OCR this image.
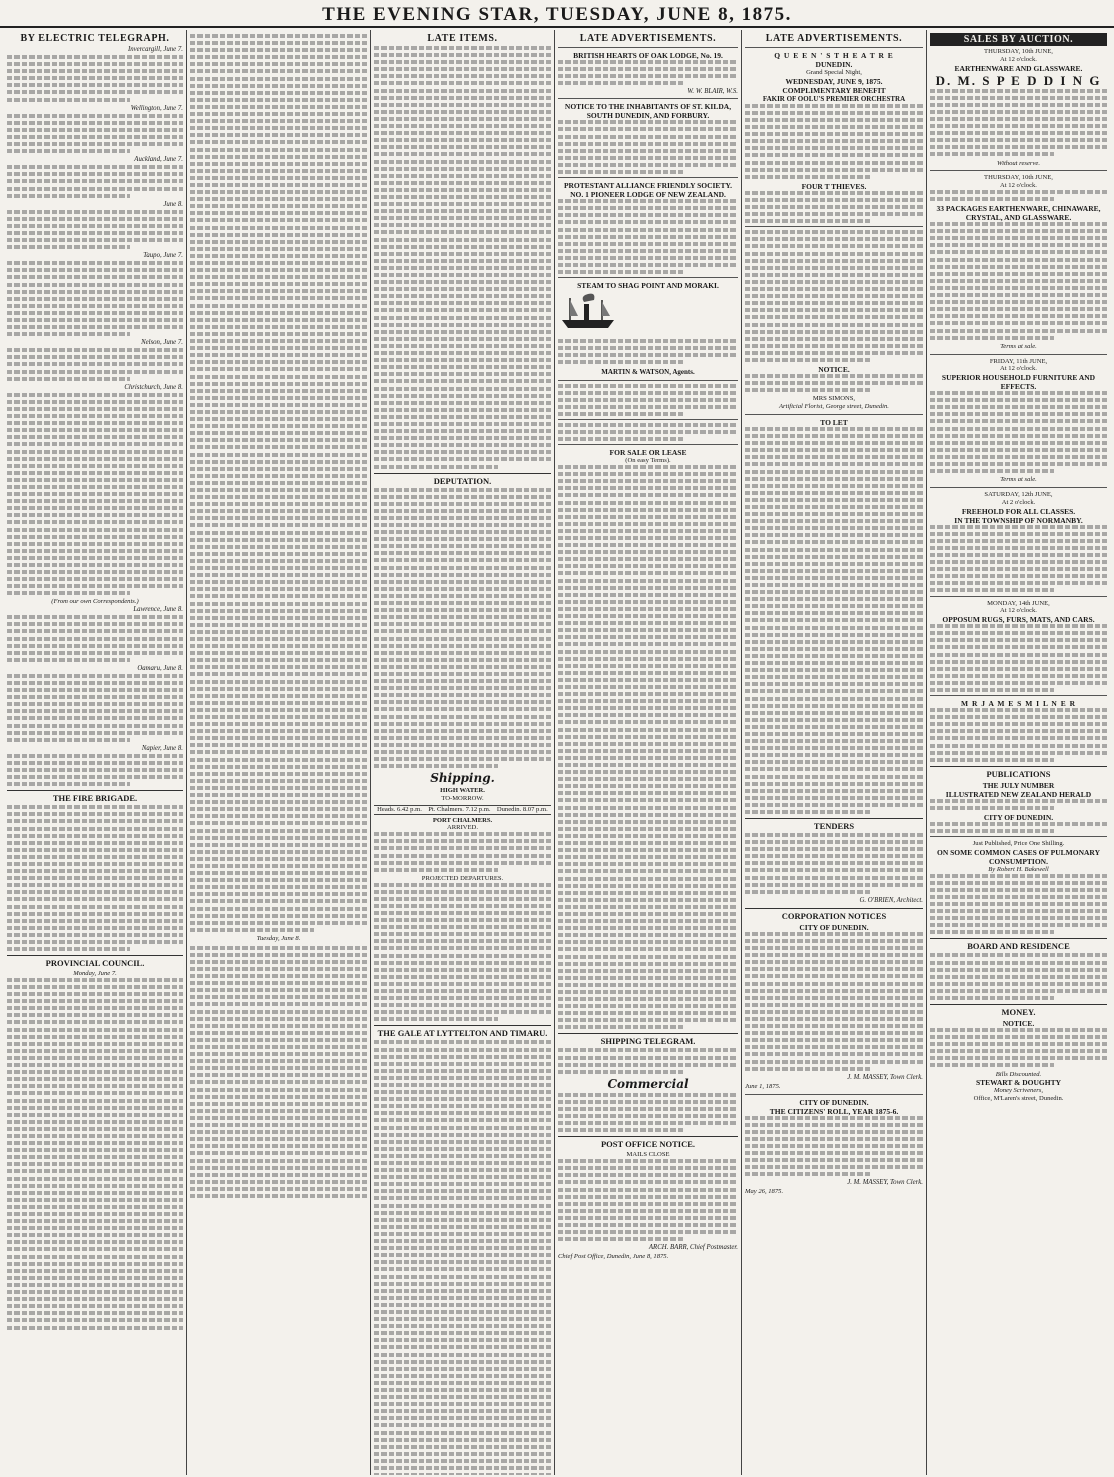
THE EVENING STAR, TUESDAY, JUNE 8, 1875.
BY ELECTRIC TELEGRAPH.
Invercargill, June 7.
Wellington, June 7.
Auckland, June 7.
June 8.
Taupo, June 7.
Nelson, June 7.
Christchurch, June 8.
(From our own Correspondents.)
Lawrence, June 8.
Oamaru, June 8.
Napier, June 8.
THE FIRE BRIGADE.
PROVINCIAL COUNCIL.
Monday, June 7.
Tuesday, June 8.
LATE ITEMS.
DEPUTATION.
Shipping.
HIGH WATER.
TO-MORROW.
Heads. 6.42 p.m. Pt. Chalmers. 7.12 p.m. Dunedin. 8.07 p.m.
PORT CHALMERS.
ARRIVED.
PROJECTED DEPARTURES.
THE GALE AT LYTTELTON AND TIMARU.
LATE ADVERTISEMENTS.
BRITISH HEARTS OF OAK LODGE, No. 19.
W. W. BLAIR, W.S.
NOTICE TO THE INHABITANTS OF ST. KILDA, SOUTH DUNEDIN, AND FORBURY.
PROTESTANT ALLIANCE FRIENDLY SOCIETY. NO. 1 PIONEER LODGE OF NEW ZEALAND.
STEAM TO SHAG POINT AND MORAKI.
MARTIN & WATSON, Agents.
FOR SALE OR LEASE
(On easy Terms).
SHIPPING TELEGRAM.
Commercial
POST OFFICE NOTICE.
MAILS CLOSE
ARCH. BARR, Chief Postmaster.
Chief Post Office, Dunedin, June 8, 1875.
LATE ADVERTISEMENTS.
Q U E E N ' S T H E A T R E
DUNEDIN.
Grand Special Night,
WEDNESDAY, JUNE 9, 1875.
COMPLIMENTARY BENEFIT
FAKIR OF OOLU'S PREMIER ORCHESTRA
FOUR T THIEVES.
NOTICE.
MRS SIMONS,
Artificial Florist, George street, Dunedin.
TO LET
TENDERS
G. O'BRIEN, Architect.
CORPORATION NOTICES
CITY OF DUNEDIN.
J. M. MASSEY, Town Clerk.
June 1, 1875.
CITY OF DUNEDIN.
THE CITIZENS' ROLL, YEAR 1875-6.
J. M. MASSEY, Town Clerk.
May 26, 1875.
SALES BY AUCTION.
THURSDAY, 10th JUNE,
At 12 o'clock.
EARTHENWARE AND GLASSWARE.
D. M. S P E D D I N G
Without reserve.
THURSDAY, 10th JUNE,
At 12 o'clock.
33 PACKAGES EARTHENWARE, CHINAWARE, CRYSTAL, AND GLASSWARE.
Terms at sale.
FRIDAY, 11th JUNE,
At 12 o'clock.
SUPERIOR HOUSEHOLD FURNITURE AND EFFECTS.
Terms at sale.
SATURDAY, 12th JUNE,
At 2 o'clock.
FREEHOLD FOR ALL CLASSES.
IN THE TOWNSHIP OF NORMANBY.
MONDAY, 14th JUNE,
At 12 o'clock.
OPPOSUM RUGS, FURS, MATS, AND CARS.
M R J A M E S M I L N E R
PUBLICATIONS
THE JULY NUMBER
ILLUSTRATED NEW ZEALAND HERALD
CITY OF DUNEDIN.
Just Published, Price One Shilling.
ON SOME COMMON CASES OF PULMONARY CONSUMPTION.
By Robert H. Bakewell
BOARD AND RESIDENCE
MONEY.
NOTICE.
Bills Discounted.
STEWART & DOUGHTY
Money Scriveners,
Office, M'Laren's street, Dunedin.
